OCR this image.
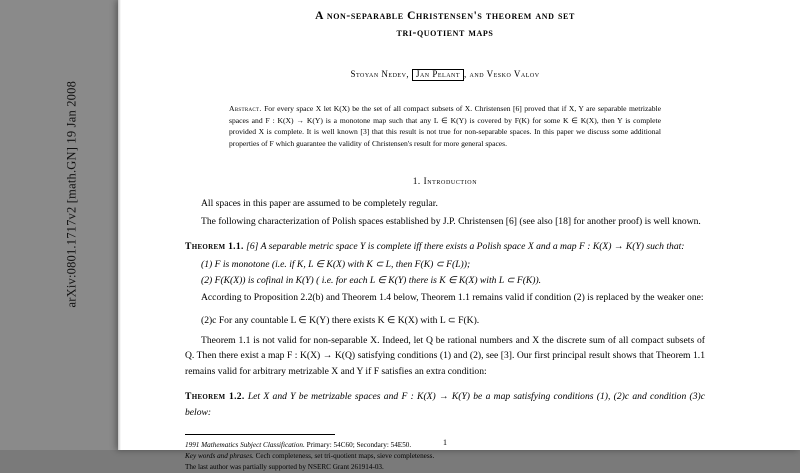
arXiv:0801.1717v2 [math.GN] 19 Jan 2008
A non-separable Christensen's theorem and set
tri-quotient maps
Stoyan Nedev, Jan Pelant , and Vesko Valov
Abstract. For every space X let K(X) be the set of all compact subsets of X. Christensen [6] proved that if X, Y are separable metrizable spaces and F : K(X) → K(Y) is a monotone map such that any L ∈ K(Y) is covered by F(K) for some K ∈ K(X), then Y is complete provided X is complete. It is well known [3] that this result is not true for non-separable spaces. In this paper we discuss some additional properties of F which guarantee the validity of Christensen's result for more general spaces.
1. Introduction

All spaces in this paper are assumed to be completely regular.

The following characterization of Polish spaces established by J.P. Christensen [6] (see also [18] for another proof) is well known.

Theorem 1.1. [6] A separable metric space Y is complete iff there exists a Polish space X and a map F : K(X) → K(Y) such that:
(1) F is monotone (i.e. if K, L ∈ K(X) with K ⊂ L, then F(K) ⊂ F(L));
(2) F(K(X)) is cofinal in K(Y) ( i.e. for each L ∈ K(Y) there is K ∈ K(X) with L ⊂ F(K)).

According to Proposition 2.2(b) and Theorem 1.4 below, Theorem 1.1 remains valid if condition (2) is replaced by the weaker one:

(2)c For any countable L ∈ K(Y) there exists K ∈ K(X) with L ⊂ F(K).

Theorem 1.1 is not valid for non-separable X. Indeed, let Q be rational numbers and X the discrete sum of all compact subsets of Q. Then there exist a map F : K(X) → K(Q) satisfying conditions (1) and (2), see [3]. Our first principal result shows that Theorem 1.1 remains valid for arbitrary metrizable X and Y if F satisfies an extra condition:

Theorem 1.2. Let X and Y be metrizable spaces and F : K(X) → K(Y) be a map satisfying conditions (1), (2)c and condition (3)c below:
1991 Mathematics Subject Classification. Primary: 54C60; Secondary: 54E50.
Key words and phrases. Cech completeness, set tri-quotient maps, sieve completeness.
The last author was partially supported by NSERC Grant 261914-03.
1
